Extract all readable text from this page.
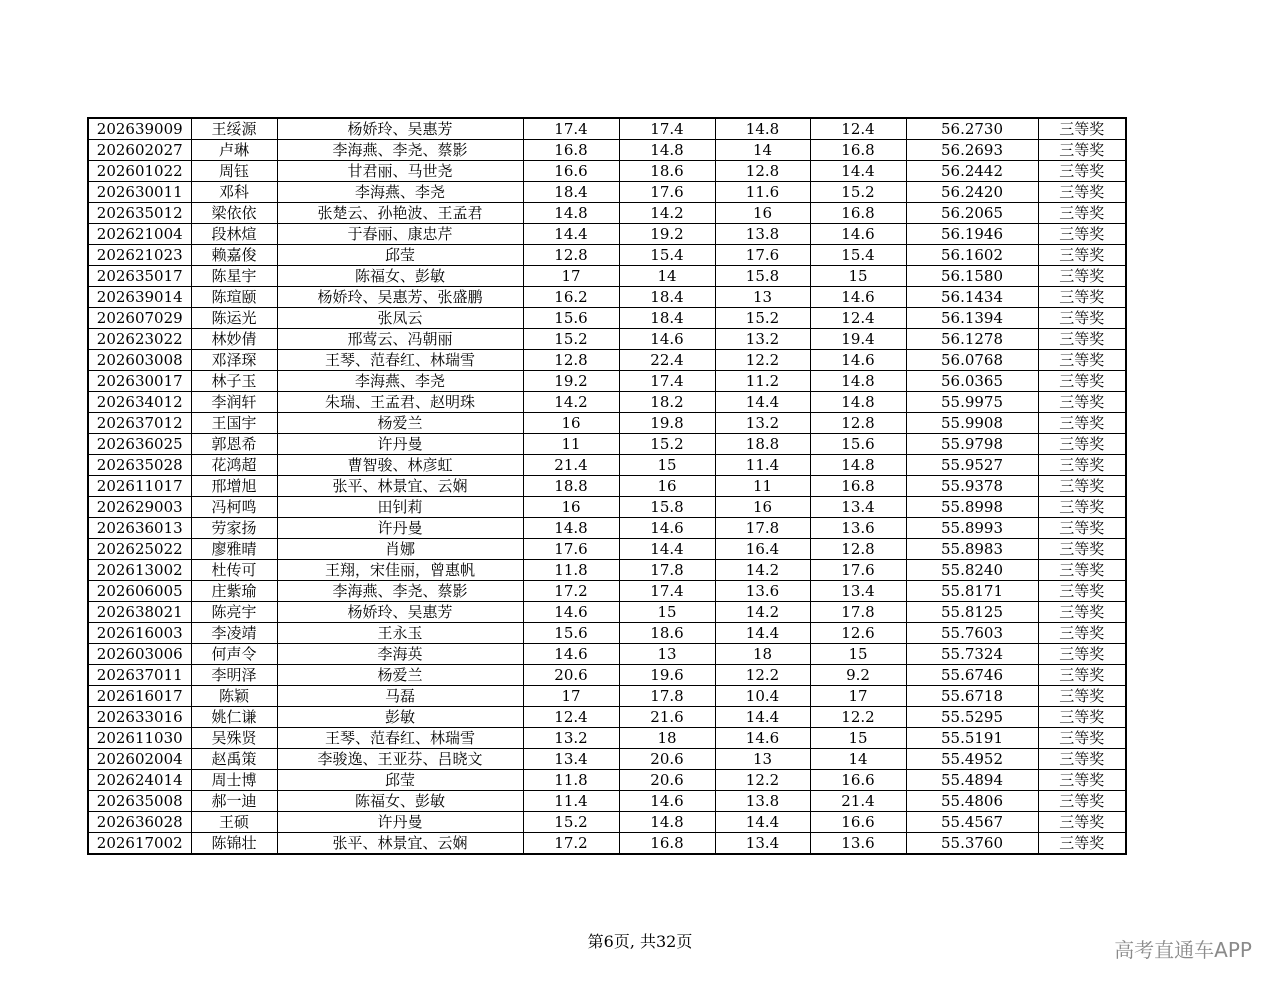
202639009	王绥源	杨娇玲、吴惠芳	17.4	17.4	14.8	12.4	56.2730	三等奖
202602027	卢琳	李海燕、李尧、蔡影	16.8	14.8	14	16.8	56.2693	三等奖
202601022	周钰	甘君丽、马世尧	16.6	18.6	12.8	14.4	56.2442	三等奖
202630011	邓科	李海燕、李尧	18.4	17.6	11.6	15.2	56.2420	三等奖
202635012	梁依依	张楚云、孙艳波、王孟君	14.8	14.2	16	16.8	56.2065	三等奖
202621004	段林煊	于春丽、康忠芹	14.4	19.2	13.8	14.6	56.1946	三等奖
202621023	赖嘉俊	邱莹	12.8	15.4	17.6	15.4	56.1602	三等奖
202635017	陈星宇	陈福女、彭敏	17	14	15.8	15	56.1580	三等奖
202639014	陈瑄颐	杨娇玲、吴惠芳、张盛鹏	16.2	18.4	13	14.6	56.1434	三等奖
202607029	陈运光	张凤云	15.6	18.4	15.2	12.4	56.1394	三等奖
202623022	林妙倩	邢莺云、冯朝丽	15.2	14.6	13.2	19.4	56.1278	三等奖
202603008	邓泽琛	王琴、范春红、林瑞雪	12.8	22.4	12.2	14.6	56.0768	三等奖
202630017	林子玉	李海燕、李尧	19.2	17.4	11.2	14.8	56.0365	三等奖
202634012	李润轩	朱瑞、王孟君、赵明珠	14.2	18.2	14.4	14.8	55.9975	三等奖
202637012	王国宇	杨爱兰	16	19.8	13.2	12.8	55.9908	三等奖
202636025	郭恩希	许丹曼	11	15.2	18.8	15.6	55.9798	三等奖
202635028	花鸿超	曹智骏、林彦虹	21.4	15	11.4	14.8	55.9527	三等奖
202611017	邢增旭	张平、林景宜、云娴	18.8	16	11	16.8	55.9378	三等奖
202629003	冯柯鸣	田钊莉	16	15.8	16	13.4	55.8998	三等奖
202636013	劳家扬	许丹曼	14.8	14.6	17.8	13.6	55.8993	三等奖
202625022	廖雅晴	肖娜	17.6	14.4	16.4	12.8	55.8983	三等奖
202613002	杜传可	王翔，宋佳丽，曾惠帆	11.8	17.8	14.2	17.6	55.8240	三等奖
202606005	庄紫瑜	李海燕、李尧、蔡影	17.2	17.4	13.6	13.4	55.8171	三等奖
202638021	陈亮宇	杨娇玲、吴惠芳	14.6	15	14.2	17.8	55.8125	三等奖
202616003	李凌靖	王永玉	15.6	18.6	14.4	12.6	55.7603	三等奖
202603006	何声令	李海英	14.6	13	18	15	55.7324	三等奖
202637011	李明泽	杨爱兰	20.6	19.6	12.2	9.2	55.6746	三等奖
202616017	陈颖	马磊	17	17.8	10.4	17	55.6718	三等奖
202633016	姚仁谦	彭敏	12.4	21.6	14.4	12.2	55.5295	三等奖
202611030	吴殊贤	王琴、范春红、林瑞雪	13.2	18	14.6	15	55.5191	三等奖
202602004	赵禹策	李骏逸、王亚芬、吕晓文	13.4	20.6	13	14	55.4952	三等奖
202624014	周士博	邱莹	11.8	20.6	12.2	16.6	55.4894	三等奖
202635008	郝一迪	陈福女、彭敏	11.4	14.6	13.8	21.4	55.4806	三等奖
202636028	王硕	许丹曼	15.2	14.8	14.4	16.6	55.4567	三等奖
202617002	陈锦壮	张平、林景宜、云娴	17.2	16.8	13.4	13.6	55.3760	三等奖
第6页, 共32页	高考直通车APP
